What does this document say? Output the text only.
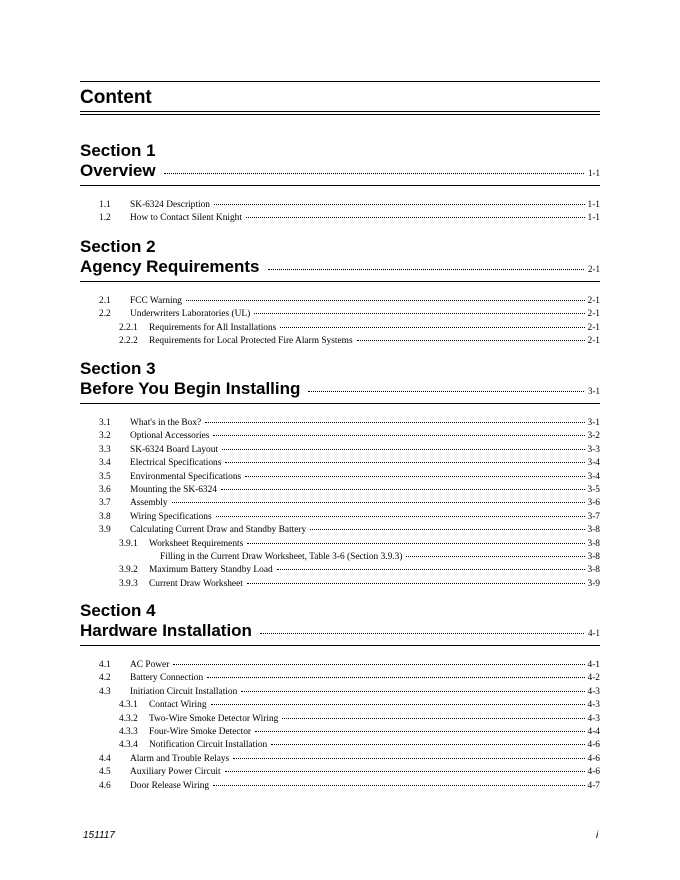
Content
Section 1
Overview	1-1
1.1	SK-6324 Description	1-1
1.2	How to Contact Silent Knight	1-1
Section 2
Agency Requirements	2-1
2.1	FCC Warning	2-1
2.2	Underwriters Laboratories (UL)	2-1
2.2.1	Requirements for All Installations	2-1
2.2.2	Requirements for Local Protected Fire Alarm Systems	2-1
Section 3
Before You Begin Installing	3-1
3.1	What's in the Box?	3-1
3.2	Optional Accessories	3-2
3.3	SK-6324 Board Layout	3-3
3.4	Electrical Specifications	3-4
3.5	Environmental Specifications	3-4
3.6	Mounting the SK-6324	3-5
3.7	Assembly	3-6
3.8	Wiring Specifications	3-7
3.9	Calculating Current Draw and Standby Battery	3-8
3.9.1	Worksheet Requirements	3-8
Filling in the Current Draw Worksheet, Table 3-6 (Section 3.9.3)	3-8
3.9.2	Maximum Battery Standby Load	3-8
3.9.3	Current Draw Worksheet	3-9
Section 4
Hardware Installation	4-1
4.1	AC Power	4-1
4.2	Battery Connection	4-2
4.3	Initiation Circuit Installation	4-3
4.3.1	Contact Wiring	4-3
4.3.2	Two-Wire Smoke Detector Wiring	4-3
4.3.3	Four-Wire Smoke Detector	4-4
4.3.4	Notification Circuit Installation	4-6
4.4	Alarm and Trouble Relays	4-6
4.5	Auxiliary Power Circuit	4-6
4.6	Door Release Wiring	4-7
151117	i
